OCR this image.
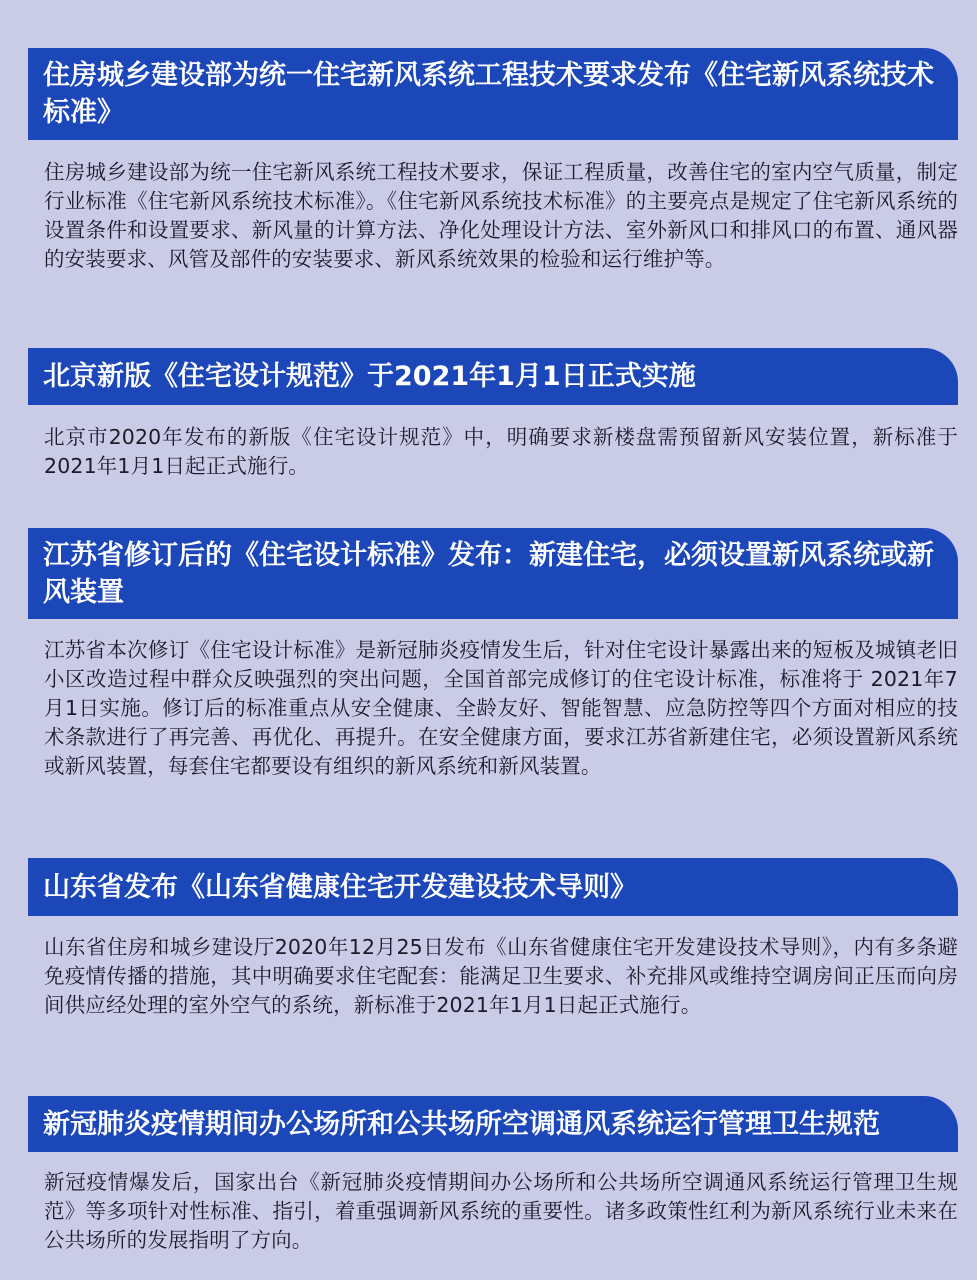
住房城乡建设部为统一住宅新风系统工程技术要求发布《住宅新风系统技术标准》

住房城乡建设部为统一住宅新风系统工程技术要求，保证工程质量，改善住宅的室内空气质量，制定行业标准《住宅新风系统技术标准》。《住宅新风系统技术标准》的主要亮点是规定了住宅新风系统的设置条件和设置要求、新风量的计算方法、净化处理设计方法、室外新风口和排风口的布置、通风器的安装要求、风管及部件的安装要求、新风系统效果的检验和运行维护等。

北京新版《住宅设计规范》于2021年1月1日正式实施

北京市2020年发布的新版《住宅设计规范》中，明确要求新楼盘需预留新风安装位置，新标准于2021年1月1日起正式施行。

江苏省修订后的《住宅设计标准》发布：新建住宅，必须设置新风系统或新风装置

江苏省本次修订《住宅设计标准》是新冠肺炎疫情发生后，针对住宅设计暴露出来的短板及城镇老旧小区改造过程中群众反映强烈的突出问题，全国首部完成修订的住宅设计标准，标准将于 2021年7月1日实施。修订后的标准重点从安全健康、全龄友好、智能智慧、应急防控等四个方面对相应的技术条款进行了再完善、再优化、再提升。在安全健康方面，要求江苏省新建住宅，必须设置新风系统或新风装置，每套住宅都要设有组织的新风系统和新风装置。

山东省发布《山东省健康住宅开发建设技术导则》

山东省住房和城乡建设厅2020年12月25日发布《山东省健康住宅开发建设技术导则》，内有多条避免疫情传播的措施，其中明确要求住宅配套：能满足卫生要求、补充排风或维持空调房间正压而向房间供应经处理的室外空气的系统，新标准于2021年1月1日起正式施行。

新冠肺炎疫情期间办公场所和公共场所空调通风系统运行管理卫生规范

新冠疫情爆发后，国家出台《新冠肺炎疫情期间办公场所和公共场所空调通风系统运行管理卫生规范》等多项针对性标准、指引，着重强调新风系统的重要性。诸多政策性红利为新风系统行业未来在公共场所的发展指明了方向。
